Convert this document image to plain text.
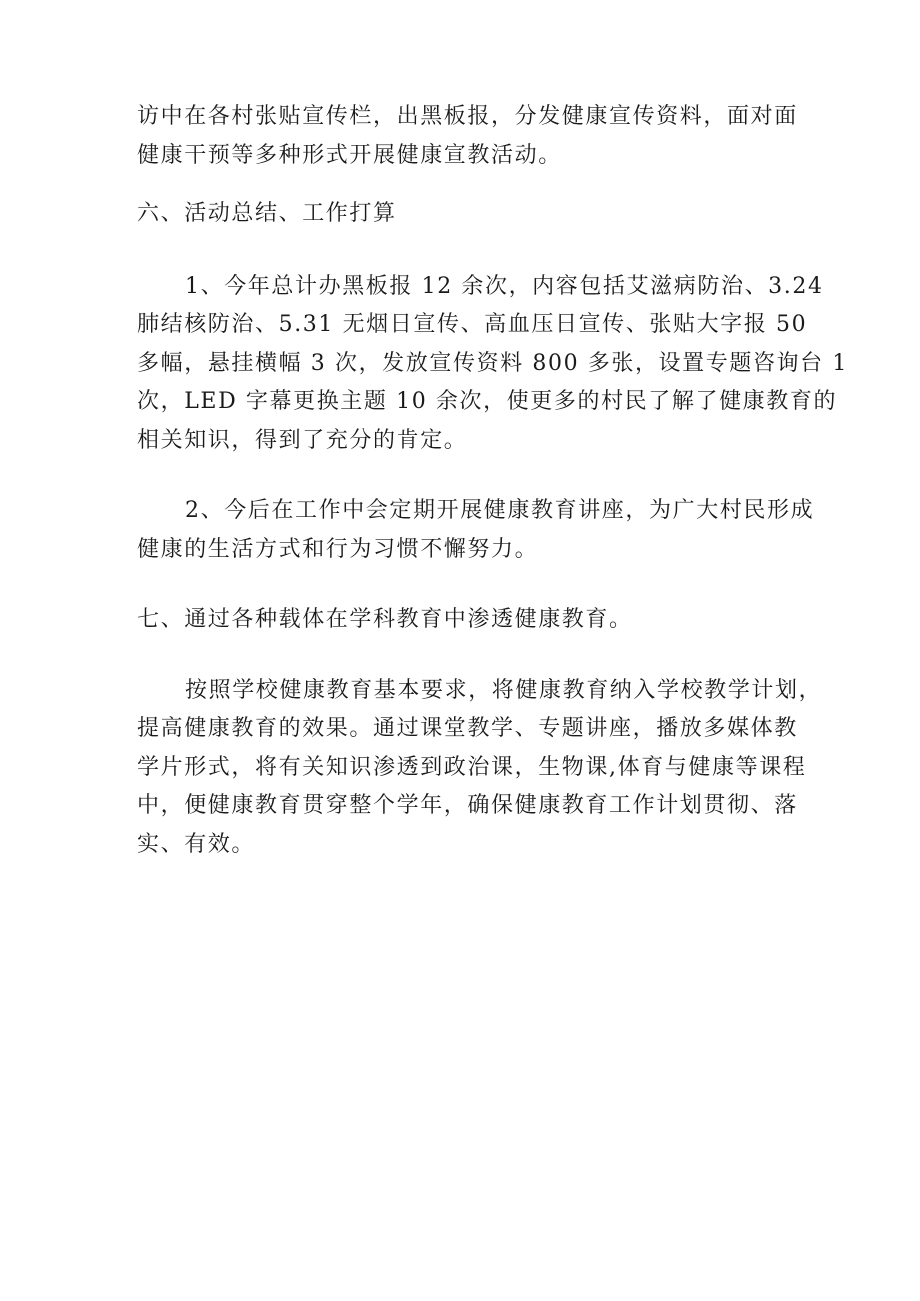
访中在各村张贴宣传栏，出黑板报，分发健康宣传资料，面对面
健康干预等多种形式开展健康宣教活动。

六、活动总结、工作打算

1、今年总计办黑板报 12 余次，内容包括艾滋病防治、3.24
肺结核防治、5.31 无烟日宣传、高血压日宣传、张贴大字报 50
多幅，悬挂横幅 3 次，发放宣传资料 800 多张，设置专题咨询台 1
次，LED 字幕更换主题 10 余次，使更多的村民了解了健康教育的
相关知识，得到了充分的肯定。

2、今后在工作中会定期开展健康教育讲座，为广大村民形成
健康的生活方式和行为习惯不懈努力。

七、通过各种载体在学科教育中渗透健康教育。

按照学校健康教育基本要求，将健康教育纳入学校教学计划，
提高健康教育的效果。通过课堂教学、专题讲座，播放多媒体教
学片形式，将有关知识渗透到政治课，生物课,体育与健康等课程
中，便健康教育贯穿整个学年，确保健康教育工作计划贯彻、落
实、有效。
